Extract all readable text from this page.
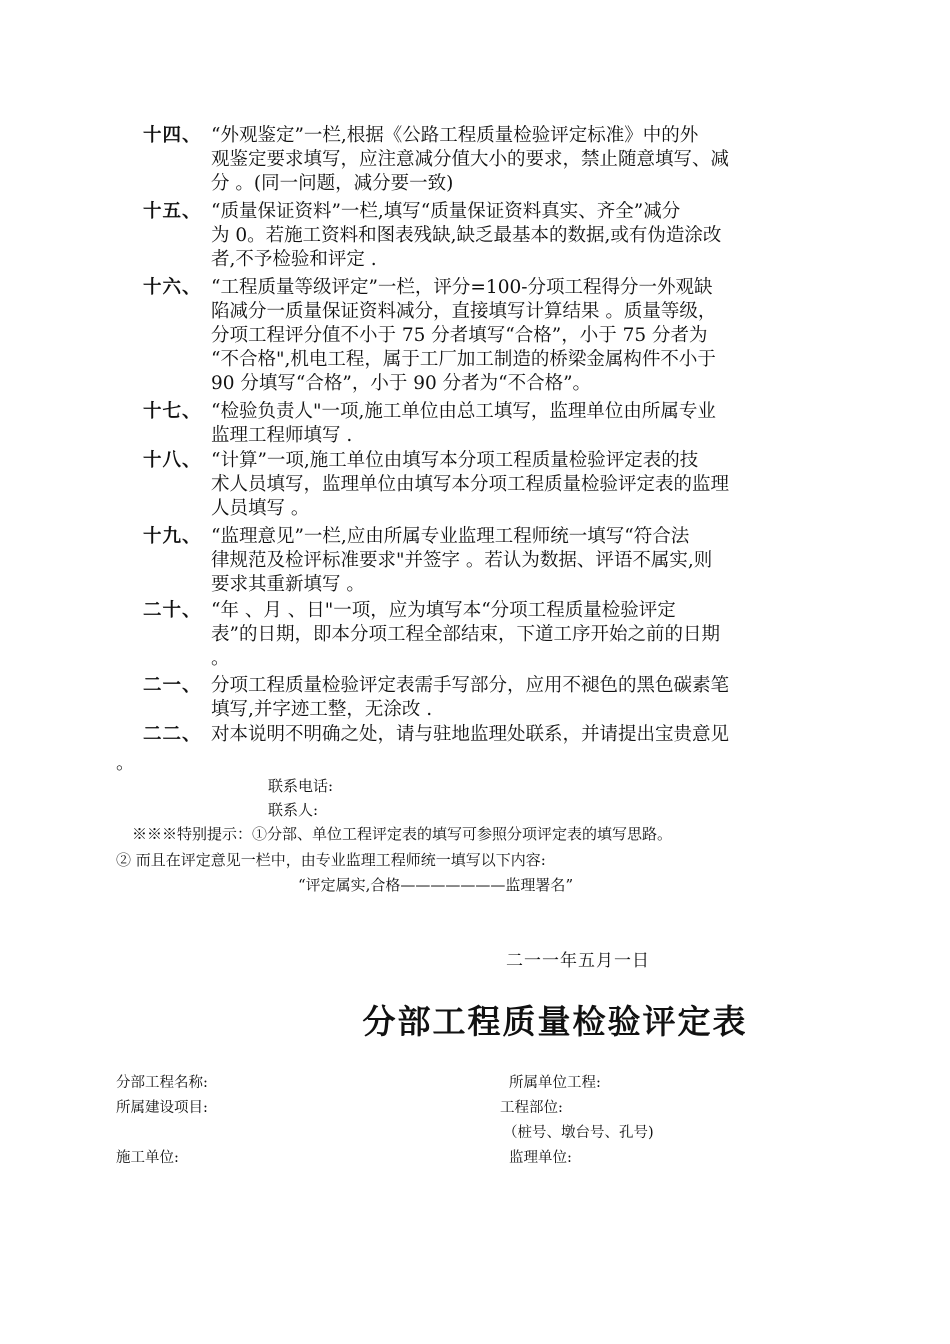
十四、 “外观鉴定”一栏,根据《公路工程质量检验评定标准》中的外

观鉴定要求填写，应注意减分值大小的要求，禁止随意填写、减

分 。(同一问题，减分要一致)

十五、 “质量保证资料”一栏,填写“质量保证资料真实、齐全”减分

为 0。若施工资料和图表残缺,缺乏最基本的数据,或有伪造涂改

者,不予检验和评定 .

十六、 “工程质量等级评定”一栏，评分=100-分项工程得分一外观缺

陷减分一质量保证资料减分，直接填写计算结果 。质量等级，

分项工程评分值不小于 75 分者填写“合格”，小于 75 分者为

“不合格",机电工程，属于工厂加工制造的桥梁金属构件不小于

90 分填写“合格”，小于 90 分者为“不合格”。

十七、 “检验负责人"一项,施工单位由总工填写，监理单位由所属专业

监理工程师填写 .

十八、 “计算”一项,施工单位由填写本分项工程质量检验评定表的技

术人员填写，监理单位由填写本分项工程质量检验评定表的监理

人员填写 。

十九、 “监理意见”一栏,应由所属专业监理工程师统一填写“符合法

律规范及检评标准要求"并签字 。若认为数据、评语不属实,则

要求其重新填写 。

二十、 “年 、月 、日"一项，应为填写本“分项工程质量检验评定

表”的日期，即本分项工程全部结束，下道工序开始之前的日期

。

二一、 分项工程质量检验评定表需手写部分，应用不褪色的黑色碳素笔

填写,并字迹工整，无涂改 .

二二、 对本说明不明确之处，请与驻地监理处联系，并请提出宝贵意见

。
联系电话:
联系人:
※※※特别提示：①分部、单位工程评定表的填写可参照分项评定表的填写思路。
② 而且在评定意见一栏中，由专业监理工程师统一填写以下内容:
“评定属实,合格———————监理署名”
二一一年五月一日
分部工程质量检验评定表
分部工程名称:	所属单位工程:
所属建设项目:	工程部位:
（桩号、墩台号、孔号)
施工单位:	监理单位:
